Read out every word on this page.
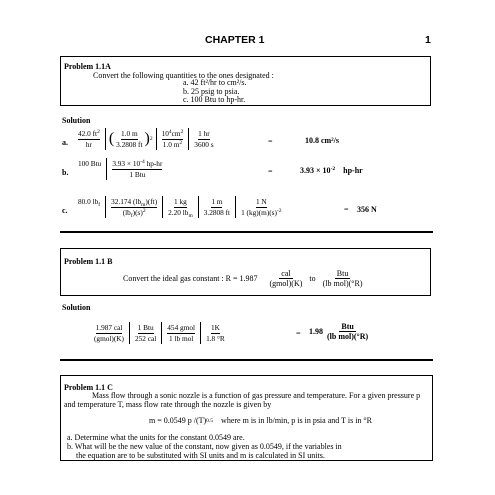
CHAPTER 1	1
Problem 1.1A
Convert the following quantities to the ones designated :
a. 42 ft²/hr to cm²/s.
b. 25 psig to psia.
c. 100 Btu to hp-hr.
Solution
a.
42.0 $ft^2$
hr ( 1.0 m
3.2808 ft ) 2
$10^4cm^2$
1.0 $m^2$
1 hr
3600 s	=	10.8 cm²/s
b.
100 Btu
$3.93 \times 10^{-4}$ hp-hr
1 Btu	=	$3.93 \times 10^{-2}$ hp-hr
c.
80.0 $lb_f$
32.174 $(lb_m)(ft)$
$(lb_f)(s)^2$
1 kg
2.20 $lb_m$
1 m
3.2808 ft
1 N
1 $(kg)(m)(s)^{-2}$	= 356 N
Problem 1.1 B
Convert the ideal gas constant : $R = 1.987 \frac{\text{cal}}{\text{(gmol)(K)}}$ to $\frac{\text{Btu}}{\text{(lb mol)(°R)}}$
Solution
1.987 cal
(gmol)(K)
1 Btu
252 cal
454 gmol
1 lb mol
1K
1.8 °R	= $1.98 \frac{\text{Btu}}{\text{(lb mol)(°R)}}$
Problem 1.1 C
Mass flow through a sonic nozzle is a function of gas pressure and temperature. For a given pressure p and temperature T, mass flow rate through the nozzle is given by
m = 0.0549 p /(T) 0.5 where m is in lb/min, p is in psia and T is in °R
a. Determine what the units for the constant 0.0549 are.
b. What will be the new value of the constant, now given as 0.0549, if the variables in
the equation are to be substituted with SI units and m is calculated in SI units.
